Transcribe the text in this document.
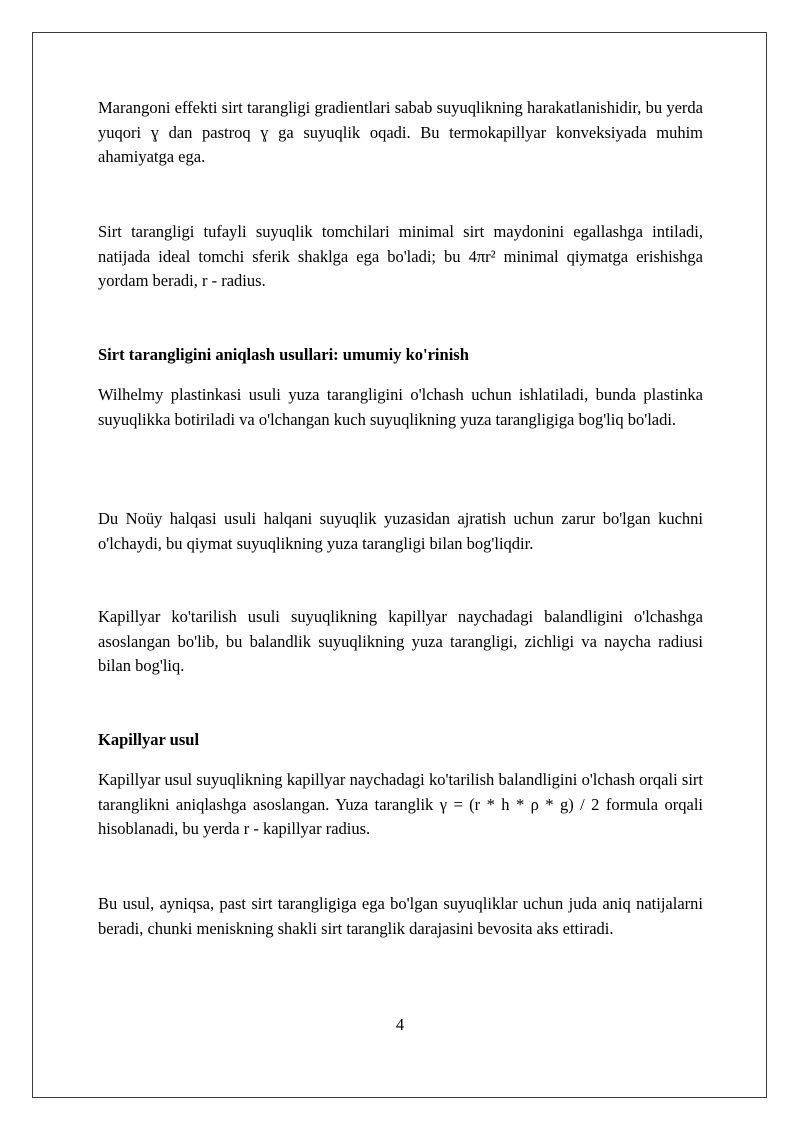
Marangoni effekti sirt tarangligi gradientlari sabab suyuqlikning harakatlanishidir, bu yerda yuqori ɣ dan pastroq ɣ ga suyuqlik oqadi. Bu termokapillyar konveksiyada muhim ahamiyatga ega.

Sirt tarangligi tufayli suyuqlik tomchilari minimal sirt maydonini egallashga intiladi, natijada ideal tomchi sferik shaklga ega bo'ladi; bu 4πr² minimal qiymatga erishishga yordam beradi, r - radius.

Sirt tarangligini aniqlash usullari: umumiy ko'rinish

Wilhelmy plastinkasi usuli yuza tarangligini o'lchash uchun ishlatiladi, bunda plastinka suyuqlikka botiriladi va o'lchangan kuch suyuqlikning yuza tarangligiga bog'liq bo'ladi.

Du Noüy halqasi usuli halqani suyuqlik yuzasidan ajratish uchun zarur bo'lgan kuchni o'lchaydi, bu qiymat suyuqlikning yuza tarangligi bilan bog'liqdir.

Kapillyar ko'tarilish usuli suyuqlikning kapillyar naychadagi balandligini o'lchashga asoslangan bo'lib, bu balandlik suyuqlikning yuza tarangligi, zichligi va naycha radiusi bilan bog'liq.

Kapillyar usul

Kapillyar usul suyuqlikning kapillyar naychadagi ko'tarilish balandligini o'lchash orqali sirt taranglikni aniqlashga asoslangan. Yuza taranglik γ = (r * h * ρ * g) / 2 formula orqali hisoblanadi, bu yerda r - kapillyar radius.

Bu usul, ayniqsa, past sirt tarangligiga ega bo'lgan suyuqliklar uchun juda aniq natijalarni beradi, chunki meniskning shakli sirt taranglik darajasini bevosita aks ettiradi.

4
